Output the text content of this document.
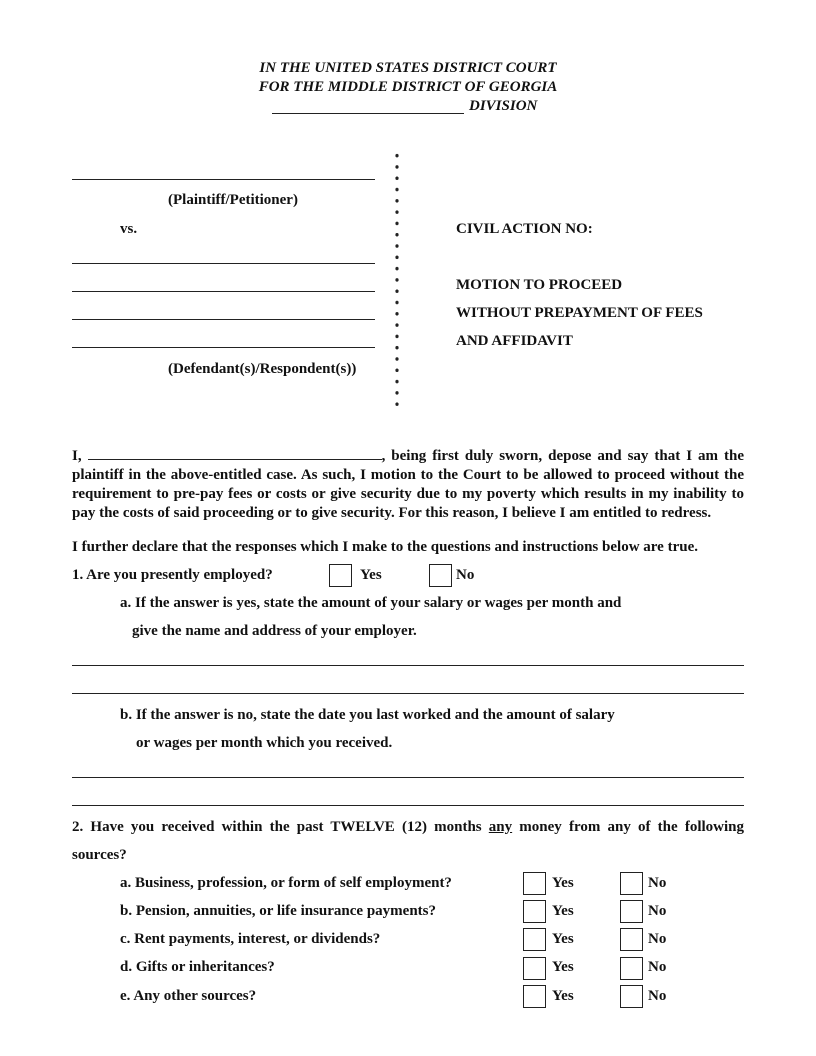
IN THE UNITED STATES DISTRICT COURT
FOR THE MIDDLE DISTRICT OF GEORGIA
DIVISION
(Plaintiff/Petitioner)
vs.
(Defendant(s)/Respondent(s))
CIVIL ACTION NO:
MOTION TO PROCEED
WITHOUT PREPAYMENT OF FEES
AND AFFIDAVIT
I,	, being first duly sworn, depose and say that I am the plaintiff in the above-entitled case. As such, I motion to the Court to be allowed to proceed without the requirement to pre-pay fees or costs or give security due to my poverty which results in my inability to pay the costs of said proceeding or to give security. For this reason, I believe I am entitled to redress.
I further declare that the responses which I make to the questions and instructions below are true.
1. Are you presently employed?	Yes	No
a. If the answer is yes, state the amount of your salary or wages per month and
give the name and address of your employer.
b. If the answer is no, state the date you last worked and the amount of salary
or wages per month which you received.
2. Have you received within the past TWELVE (12) months any money from any of the following
sources?
a. Business, profession, or form of self employment?	Yes	No
b. Pension, annuities, or life insurance payments?	Yes	No
c. Rent payments, interest, or dividends?	Yes	No
d. Gifts or inheritances?	Yes	No
e. Any other sources?	Yes	No
